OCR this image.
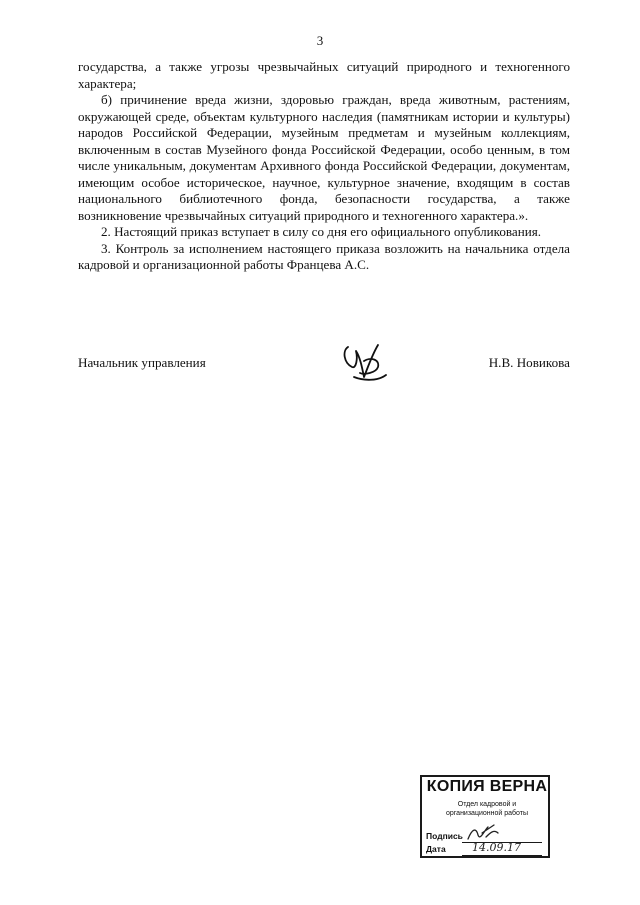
3

государства, а также угрозы чрезвычайных ситуаций природного и техногенного характера;

б) причинение вреда жизни, здоровью граждан, вреда животным, растениям, окружающей среде, объектам культурного наследия (памятникам истории и культуры) народов Российской Федерации, музейным предметам и музейным коллекциям, включенным в состав Музейного фонда Российской Федерации, особо ценным, в том числе уникальным, документам Архивного фонда Российской Федерации, документам, имеющим особое историческое, научное, культурное значение, входящим в состав национального библиотечного фонда, безопасности государства, а также возникновение чрезвычайных ситуаций природного и техногенного характера.».

2. Настоящий приказ вступает в силу со дня его официального опубликования.

3. Контроль за исполнением настоящего приказа возложить на начальника отдела кадровой и организационной работы Францева А.С.

Начальник управления	Н.В. Новикова
КОПИЯ ВЕРНА
Отдел кадровой и
организационной работы
Подпись
Дата 14.09.17
